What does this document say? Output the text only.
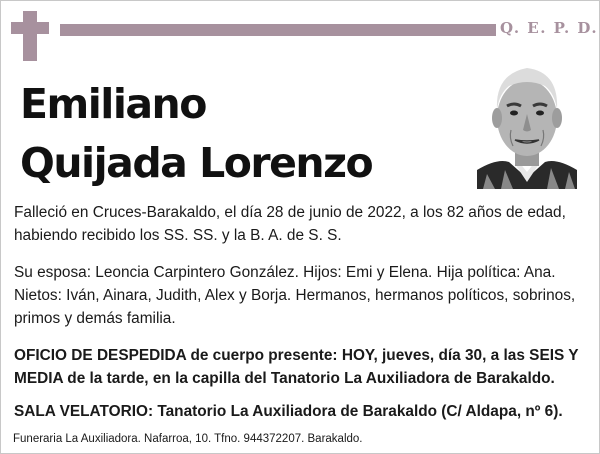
Q. E. P. D.
Emiliano
Quijada Lorenzo
Falleció en Cruces-Barakaldo, el día 28 de junio de 2022, a los 82 años de edad, habiendo recibido los SS. SS. y la B. A. de S. S.
Su esposa: Leoncia Carpintero González. Hijos: Emi y Elena. Hija política: Ana. Nietos: Iván, Ainara, Judith, Alex y Borja. Hermanos, hermanos políticos, sobrinos, primos y demás familia.
OFICIO DE DESPEDIDA de cuerpo presente: HOY, jueves, día 30, a las SEIS Y MEDIA de la tarde, en la capilla del Tanatorio La Auxiliadora de Barakaldo.
SALA VELATORIO: Tanatorio La Auxiliadora de Barakaldo (C/ Aldapa, nº 6).
Funeraria La Auxiliadora. Nafarroa, 10. Tfno. 944372207. Barakaldo.
